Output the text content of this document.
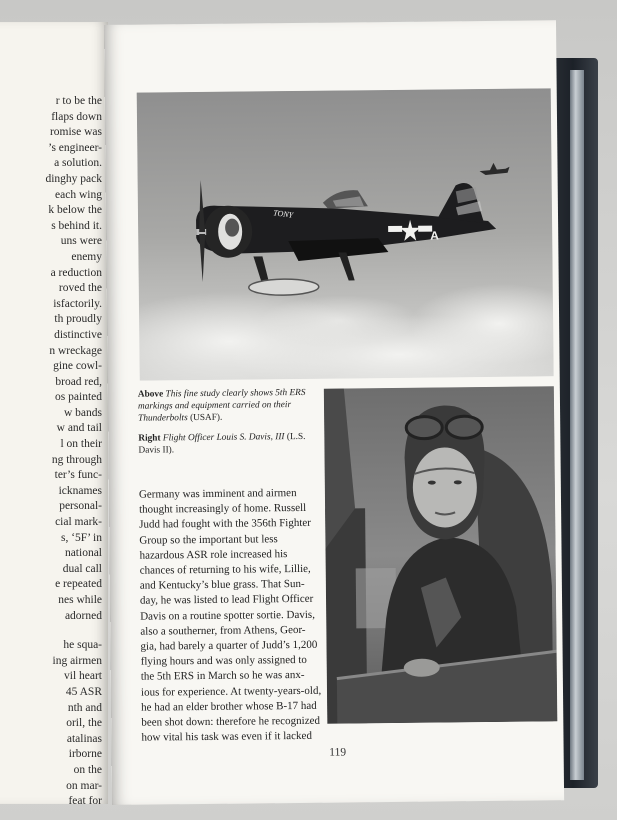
r to be the
flaps down
romise was
’s engineer-
a solution.
dinghy pack
each wing
k below the
s behind it.
uns were
enemy
a reduction
roved the
isfactorily.
th proudly
distinctive
n wreckage
gine cowl-
broad red,
os painted
w bands
w and tail
l on their
ng through
ter’s func-
icknames
personal-
cial mark-
s, ‘5F’ in
national
dual call
e repeated
nes while
adorned
he squa-
ing airmen
vil heart
45 ASR
nth and
oril, the
atalinas
irborne
on the
on mar-
feat for
A
TONY

Above This fine study clearly shows 5th ERS markings and equipment carried on their Thunderbolts (USAF).

Right Flight Officer Louis S. Davis, III (L.S. Davis II).

Germany was imminent and airmen
thought increasingly of home. Russell
Judd had fought with the 356th Fighter
Group so the important but less
hazardous ASR role increased his
chances of returning to his wife, Lillie,
and Kentucky’s blue grass. That Sun-
day, he was listed to lead Flight Officer
Davis on a routine spotter sortie. Davis,
also a southerner, from Athens, Geor-
gia, had barely a quarter of Judd’s 1,200
flying hours and was only assigned to
the 5th ERS in March so he was anx-
ious for experience. At twenty-years-old,
he had an elder brother whose B-17 had
been shot down: therefore he recognized
how vital his task was even if it lacked
119
